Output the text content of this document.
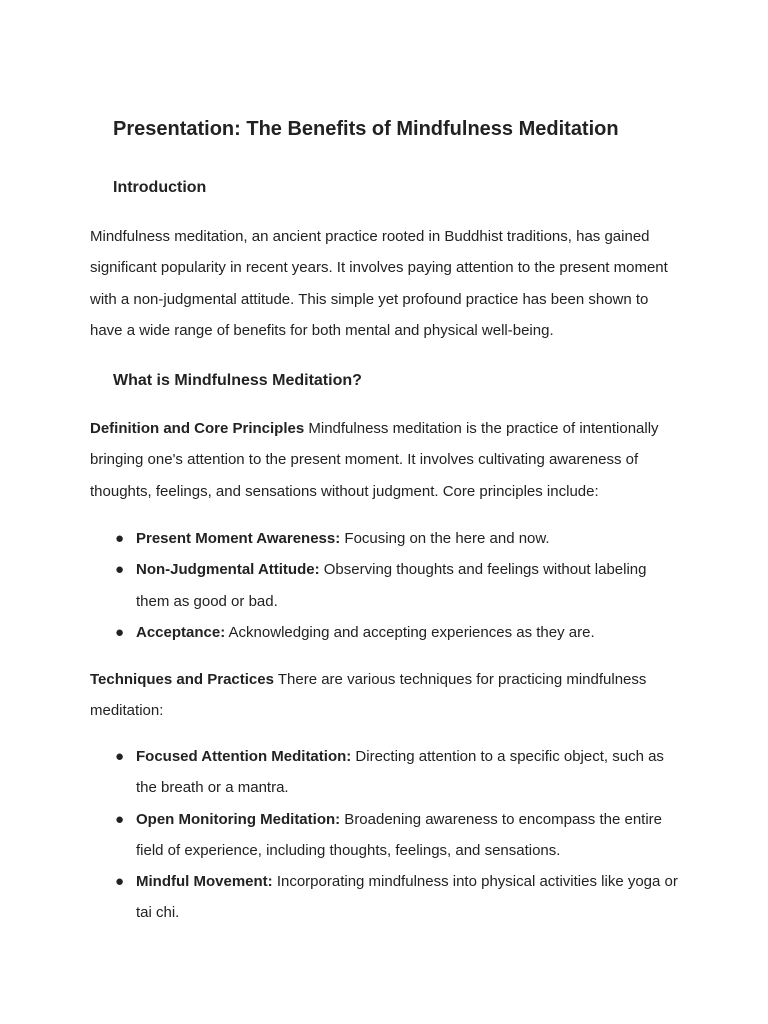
Presentation: The Benefits of Mindfulness Meditation
Introduction

Mindfulness meditation, an ancient practice rooted in Buddhist traditions, has gained significant popularity in recent years. It involves paying attention to the present moment with a non-judgmental attitude. This simple yet profound practice has been shown to have a wide range of benefits for both mental and physical well-being.

What is Mindfulness Meditation?

Definition and Core Principles Mindfulness meditation is the practice of intentionally bringing one's attention to the present moment. It involves cultivating awareness of thoughts, feelings, and sensations without judgment. Core principles include:

● Present Moment Awareness: Focusing on the here and now.
● Non-Judgmental Attitude: Observing thoughts and feelings without labeling them as good or bad.
● Acceptance: Acknowledging and accepting experiences as they are.

Techniques and Practices There are various techniques for practicing mindfulness meditation:

● Focused Attention Meditation: Directing attention to a specific object, such as the breath or a mantra.
● Open Monitoring Meditation: Broadening awareness to encompass the entire field of experience, including thoughts, feelings, and sensations.
● Mindful Movement: Incorporating mindfulness into physical activities like yoga or tai chi.
